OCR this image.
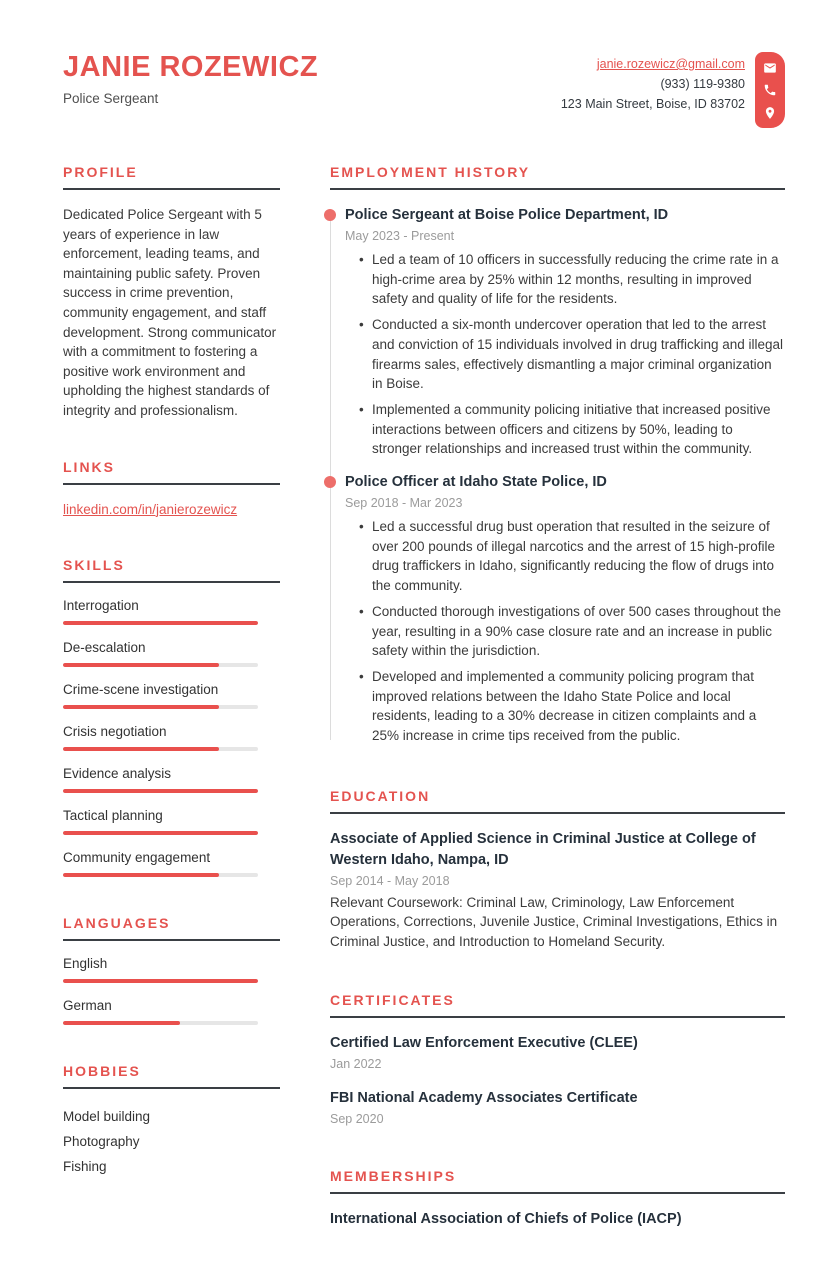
JANIE ROZEWICZ
Police Sergeant
janie.rozewicz@gmail.com
(933) 119-9380
123 Main Street, Boise, ID 83702
PROFILE

Dedicated Police Sergeant with 5 years of experience in law enforcement, leading teams, and maintaining public safety. Proven success in crime prevention, community engagement, and staff development. Strong communicator with a commitment to fostering a positive work environment and upholding the highest standards of integrity and professionalism.

LINKS
linkedin.com/in/janierozewicz
SKILLS
Interrogation
De-escalation
Crime-scene investigation
Crisis negotiation
Evidence analysis
Tactical planning
Community engagement
LANGUAGES
English
German
HOBBIES
Model building
Photography
Fishing
EMPLOYMENT HISTORY
Police Sergeant at Boise Police Department, ID
May 2023 - Present
• Led a team of 10 officers in successfully reducing the crime rate in a high-crime area by 25% within 12 months, resulting in improved safety and quality of life for the residents.
• Conducted a six-month undercover operation that led to the arrest and conviction of 15 individuals involved in drug trafficking and illegal firearms sales, effectively dismantling a major criminal organization in Boise.
• Implemented a community policing initiative that increased positive interactions between officers and citizens by 50%, leading to stronger relationships and increased trust within the community.
Police Officer at Idaho State Police, ID
Sep 2018 - Mar 2023
• Led a successful drug bust operation that resulted in the seizure of over 200 pounds of illegal narcotics and the arrest of 15 high-profile drug traffickers in Idaho, significantly reducing the flow of drugs into the community.
• Conducted thorough investigations of over 500 cases throughout the year, resulting in a 90% case closure rate and an increase in public safety within the jurisdiction.
• Developed and implemented a community policing program that improved relations between the Idaho State Police and local residents, leading to a 30% decrease in citizen complaints and a 25% increase in crime tips received from the public.
EDUCATION
Associate of Applied Science in Criminal Justice at College of Western Idaho, Nampa, ID
Sep 2014 - May 2018

Relevant Coursework: Criminal Law, Criminology, Law Enforcement Operations, Corrections, Juvenile Justice, Criminal Investigations, Ethics in Criminal Justice, and Introduction to Homeland Security.

CERTIFICATES
Certified Law Enforcement Executive (CLEE)
Jan 2022
FBI National Academy Associates Certificate
Sep 2020
MEMBERSHIPS
International Association of Chiefs of Police (IACP)
